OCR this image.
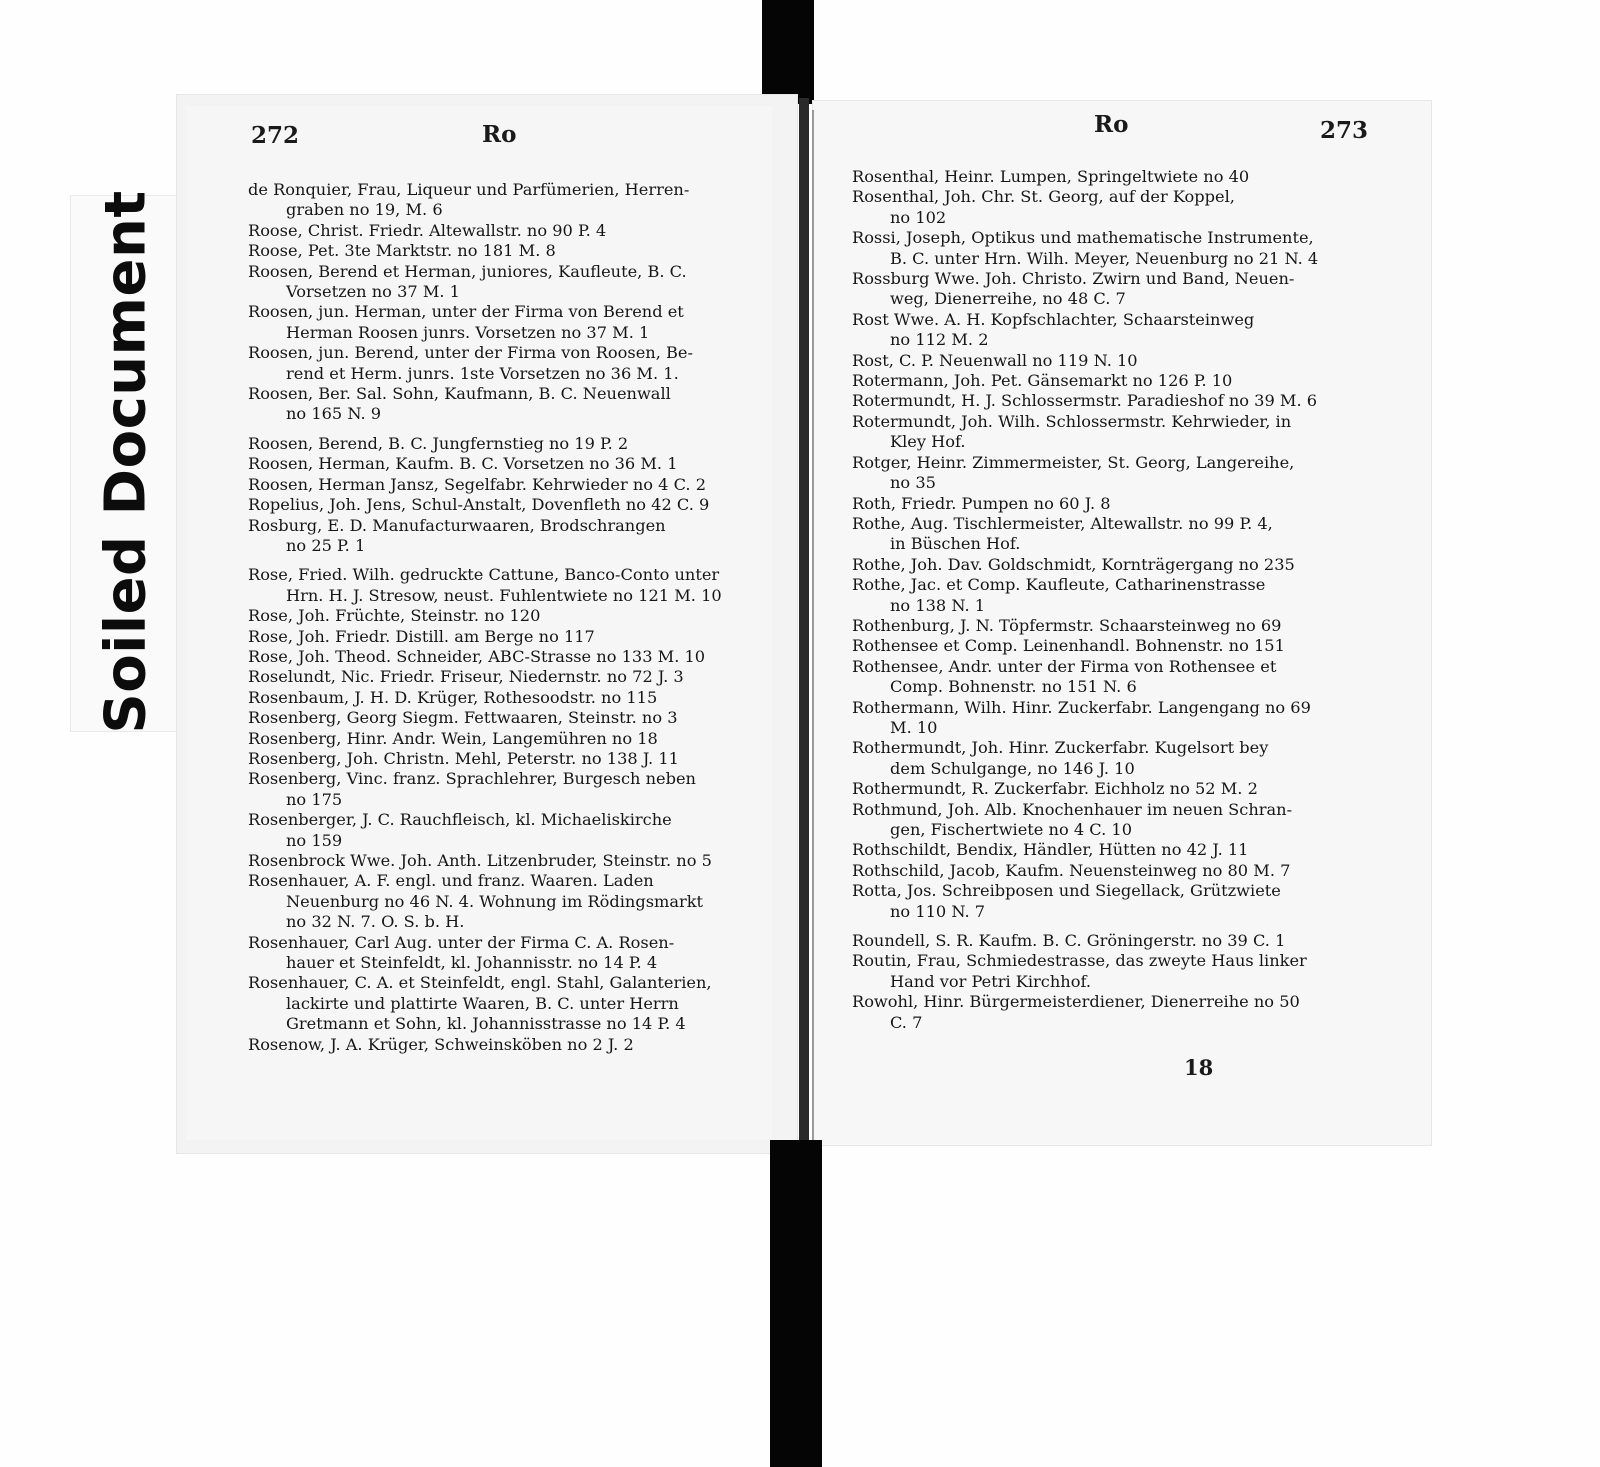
Soiled Document
272	Ro	Ro	273
de Ronquier, Frau, Liqueur und Parfümerien, Herren-
graben no 19, M. 6
Roose, Christ. Friedr. Altewallstr. no 90 P. 4
Roose, Pet. 3te Marktstr. no 181 M. 8
Roosen, Berend et Herman, juniores, Kaufleute, B. C.
Vorsetzen no 37 M. 1
Roosen, jun. Herman, unter der Firma von Berend et
Herman Roosen junrs. Vorsetzen no 37 M. 1
Roosen, jun. Berend, unter der Firma von Roosen, Be-
rend et Herm. junrs. 1ste Vorsetzen no 36 M. 1.
Roosen, Ber. Sal. Sohn, Kaufmann, B. C. Neuenwall
no 165 N. 9
Roosen, Berend, B. C. Jungfernstieg no 19 P. 2
Roosen, Herman, Kaufm. B. C. Vorsetzen no 36 M. 1
Roosen, Herman Jansz, Segelfabr. Kehrwieder no 4 C. 2
Ropelius, Joh. Jens, Schul-Anstalt, Dovenfleth no 42 C. 9
Rosburg, E. D. Manufacturwaaren, Brodschrangen
no 25 P. 1
Rose, Fried. Wilh. gedruckte Cattune, Banco-Conto unter
Hrn. H. J. Stresow, neust. Fuhlentwiete no 121 M. 10
Rose, Joh. Früchte, Steinstr. no 120
Rose, Joh. Friedr. Distill. am Berge no 117
Rose, Joh. Theod. Schneider, ABC-Strasse no 133 M. 10
Roselundt, Nic. Friedr. Friseur, Niedernstr. no 72 J. 3
Rosenbaum, J. H. D. Krüger, Rothesoodstr. no 115
Rosenberg, Georg Siegm. Fettwaaren, Steinstr. no 3
Rosenberg, Hinr. Andr. Wein, Langemühren no 18
Rosenberg, Joh. Christn. Mehl, Peterstr. no 138 J. 11
Rosenberg, Vinc. franz. Sprachlehrer, Burgesch neben
no 175
Rosenberger, J. C. Rauchfleisch, kl. Michaeliskirche
no 159
Rosenbrock Wwe. Joh. Anth. Litzenbruder, Steinstr. no 5
Rosenhauer, A. F. engl. und franz. Waaren. Laden
Neuenburg no 46 N. 4. Wohnung im Rödingsmarkt
no 32 N. 7. O. S. b. H.
Rosenhauer, Carl Aug. unter der Firma C. A. Rosen-
hauer et Steinfeldt, kl. Johannisstr. no 14 P. 4
Rosenhauer, C. A. et Steinfeldt, engl. Stahl, Galanterien,
lackirte und plattirte Waaren, B. C. unter Herrn
Gretmann et Sohn, kl. Johannisstrasse no 14 P. 4
Rosenow, J. A. Krüger, Schweinsköben no 2 J. 2
Rosenthal, Heinr. Lumpen, Springeltwiete no 40
Rosenthal, Joh. Chr. St. Georg, auf der Koppel,
no 102
Rossi, Joseph, Optikus und mathematische Instrumente,
B. C. unter Hrn. Wilh. Meyer, Neuenburg no 21 N. 4
Rossburg Wwe. Joh. Christo. Zwirn und Band, Neuen-
weg, Dienerreihe, no 48 C. 7
Rost Wwe. A. H. Kopfschlachter, Schaarsteinweg
no 112 M. 2
Rost, C. P. Neuenwall no 119 N. 10
Rotermann, Joh. Pet. Gänsemarkt no 126 P. 10
Rotermundt, H. J. Schlossermstr. Paradieshof no 39 M. 6
Rotermundt, Joh. Wilh. Schlossermstr. Kehrwieder, in
Kley Hof.
Rotger, Heinr. Zimmermeister, St. Georg, Langereihe,
no 35
Roth, Friedr. Pumpen no 60 J. 8
Rothe, Aug. Tischlermeister, Altewallstr. no 99 P. 4,
in Büschen Hof.
Rothe, Joh. Dav. Goldschmidt, Kornträgergang no 235
Rothe, Jac. et Comp. Kaufleute, Catharinenstrasse
no 138 N. 1
Rothenburg, J. N. Töpfermstr. Schaarsteinweg no 69
Rothensee et Comp. Leinenhandl. Bohnenstr. no 151
Rothensee, Andr. unter der Firma von Rothensee et
Comp. Bohnenstr. no 151 N. 6
Rothermann, Wilh. Hinr. Zuckerfabr. Langengang no 69
M. 10
Rothermundt, Joh. Hinr. Zuckerfabr. Kugelsort bey
dem Schulgange, no 146 J. 10
Rothermundt, R. Zuckerfabr. Eichholz no 52 M. 2
Rothmund, Joh. Alb. Knochenhauer im neuen Schran-
gen, Fischertwiete no 4 C. 10
Rothschildt, Bendix, Händler, Hütten no 42 J. 11
Rothschild, Jacob, Kaufm. Neuensteinweg no 80 M. 7
Rotta, Jos. Schreibposen und Siegellack, Grützwiete
no 110 N. 7
Roundell, S. R. Kaufm. B. C. Gröningerstr. no 39 C. 1
Routin, Frau, Schmiedestrasse, das zweyte Haus linker
Hand vor Petri Kirchhof.
Rowohl, Hinr. Bürgermeisterdiener, Dienerreihe no 50
C. 7
18
